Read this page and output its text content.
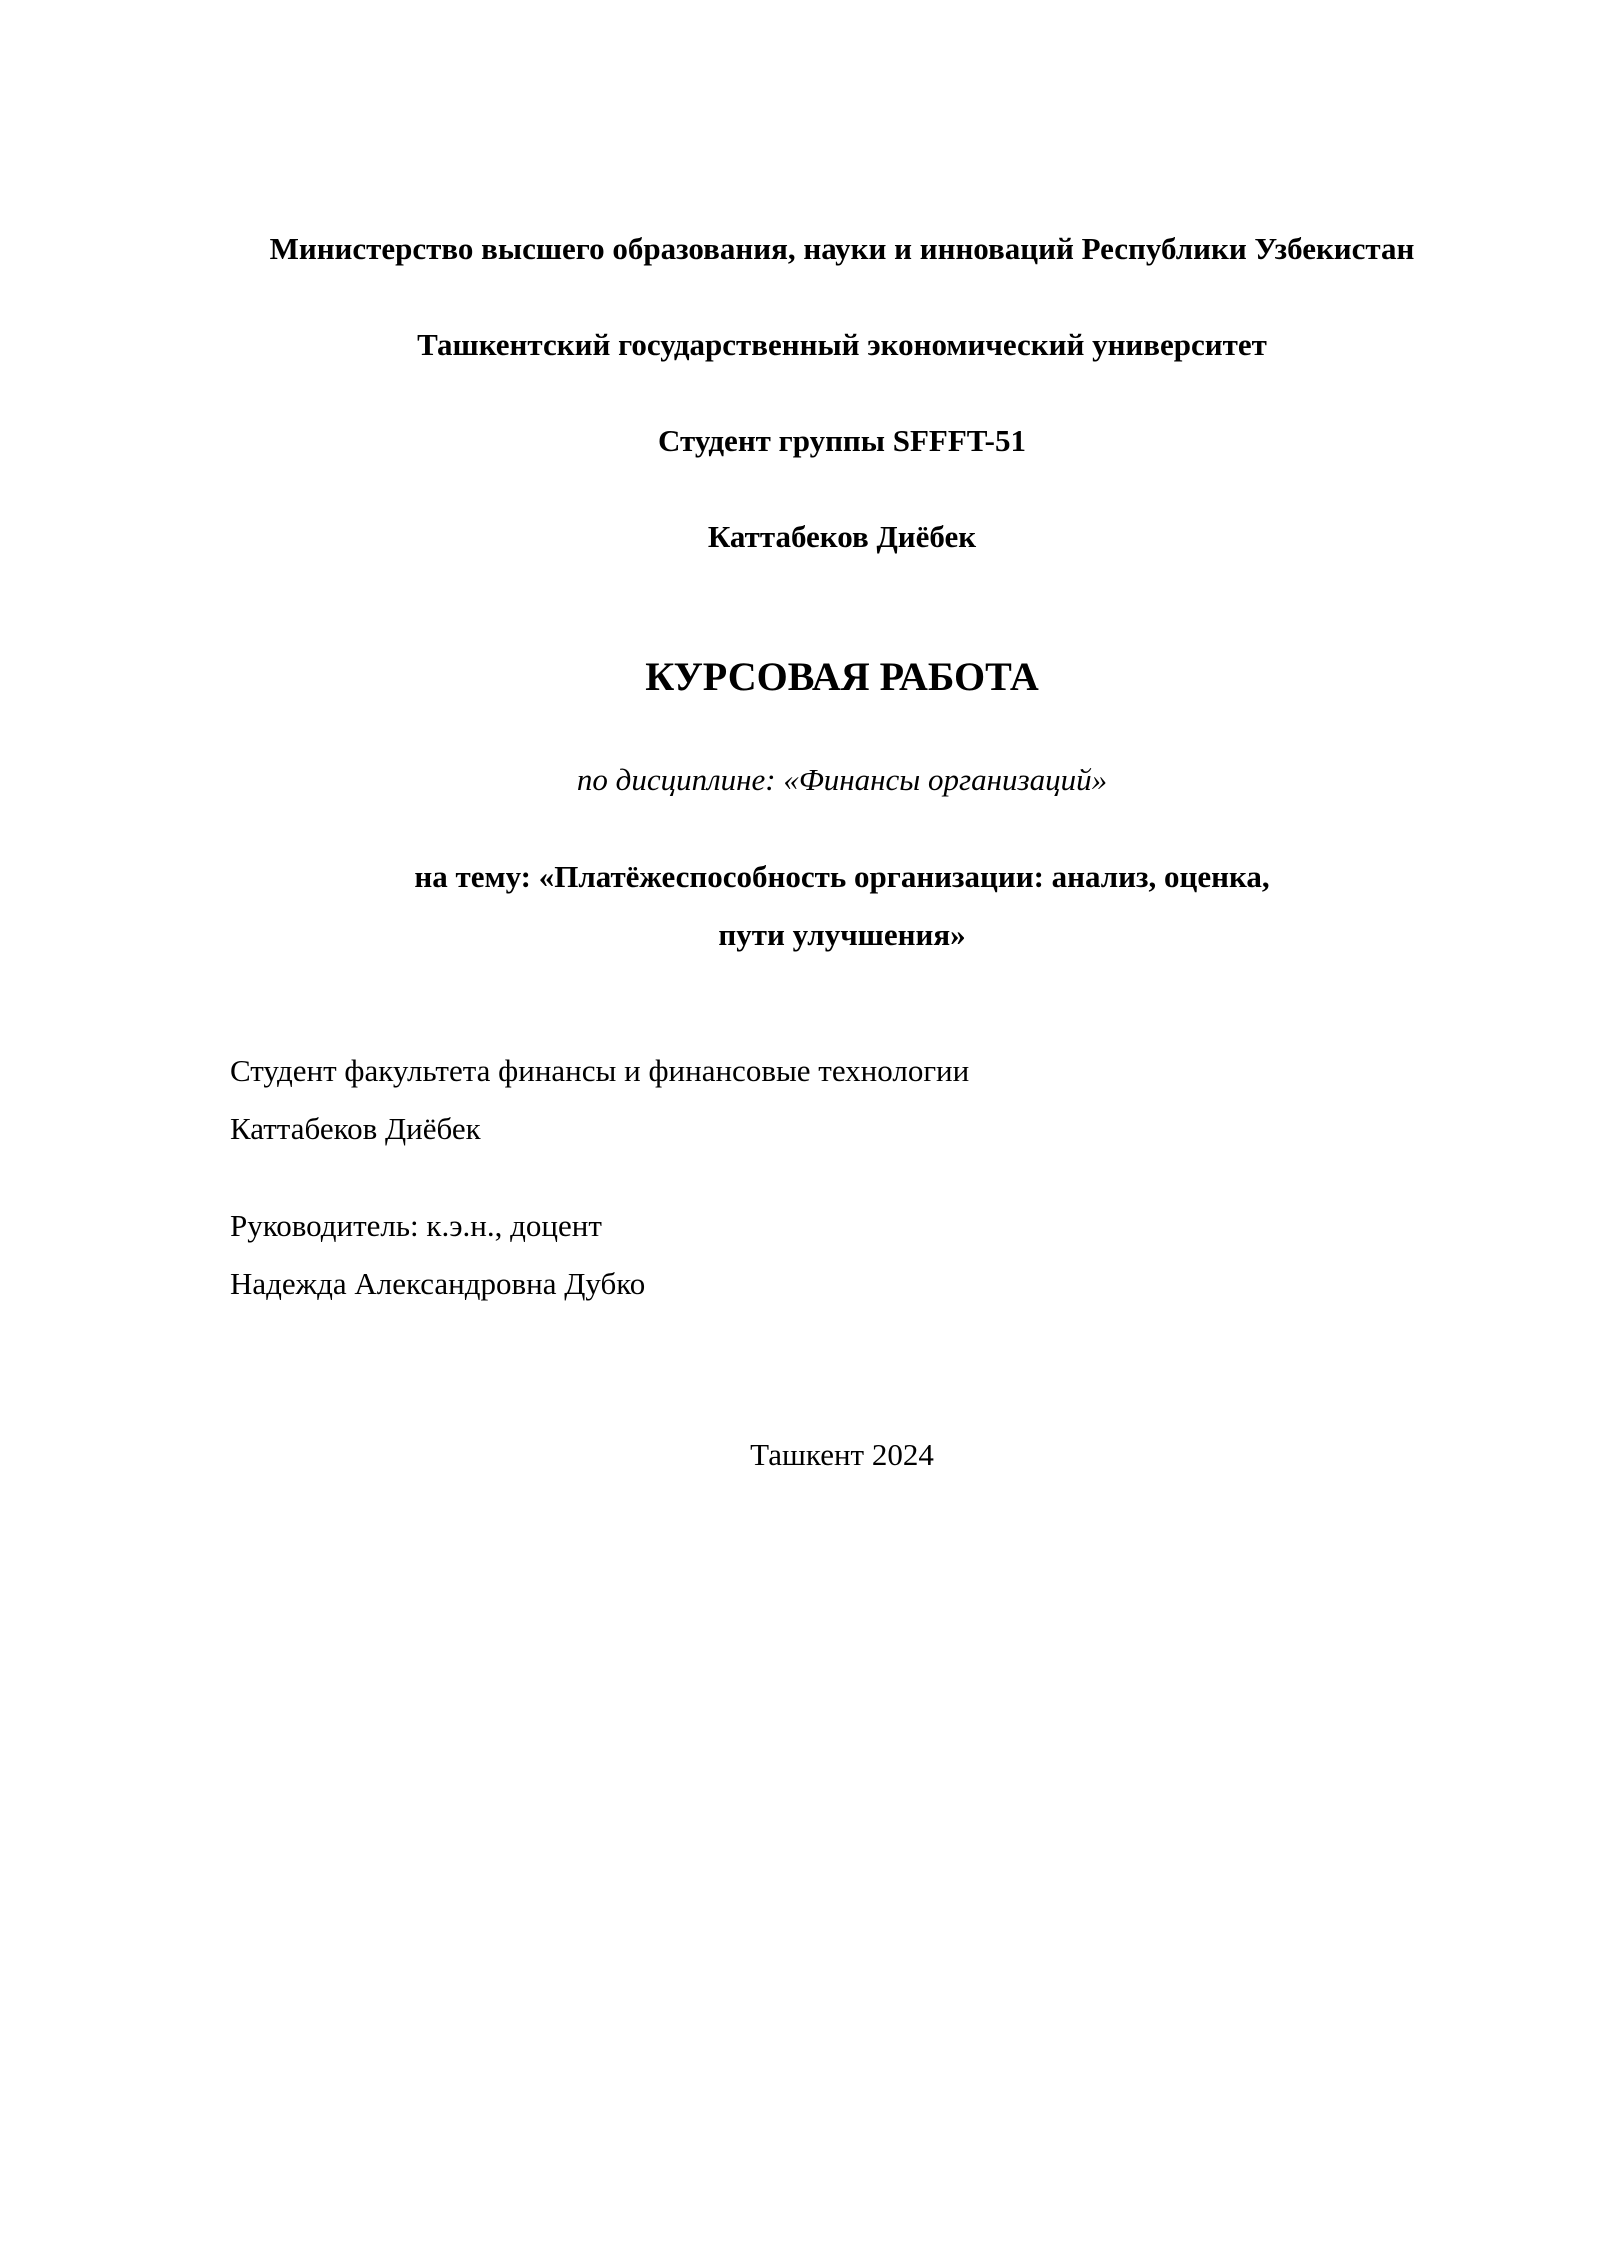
Министерство высшего образования, науки и инноваций Республики Узбекистан
Ташкентский государственный экономический университет
Студент группы SFFFT-51
Каттабеков Диёбек
КУРСОВАЯ РАБОТА
по дисциплине: «Финансы организаций»
на тему: «Платёжеспособность организации: анализ, оценка,
пути улучшения»
Студент факультета финансы и финансовые технологии
Каттабеков Диёбек
Руководитель: к.э.н., доцент
Надежда Александровна Дубко
Ташкент 2024
